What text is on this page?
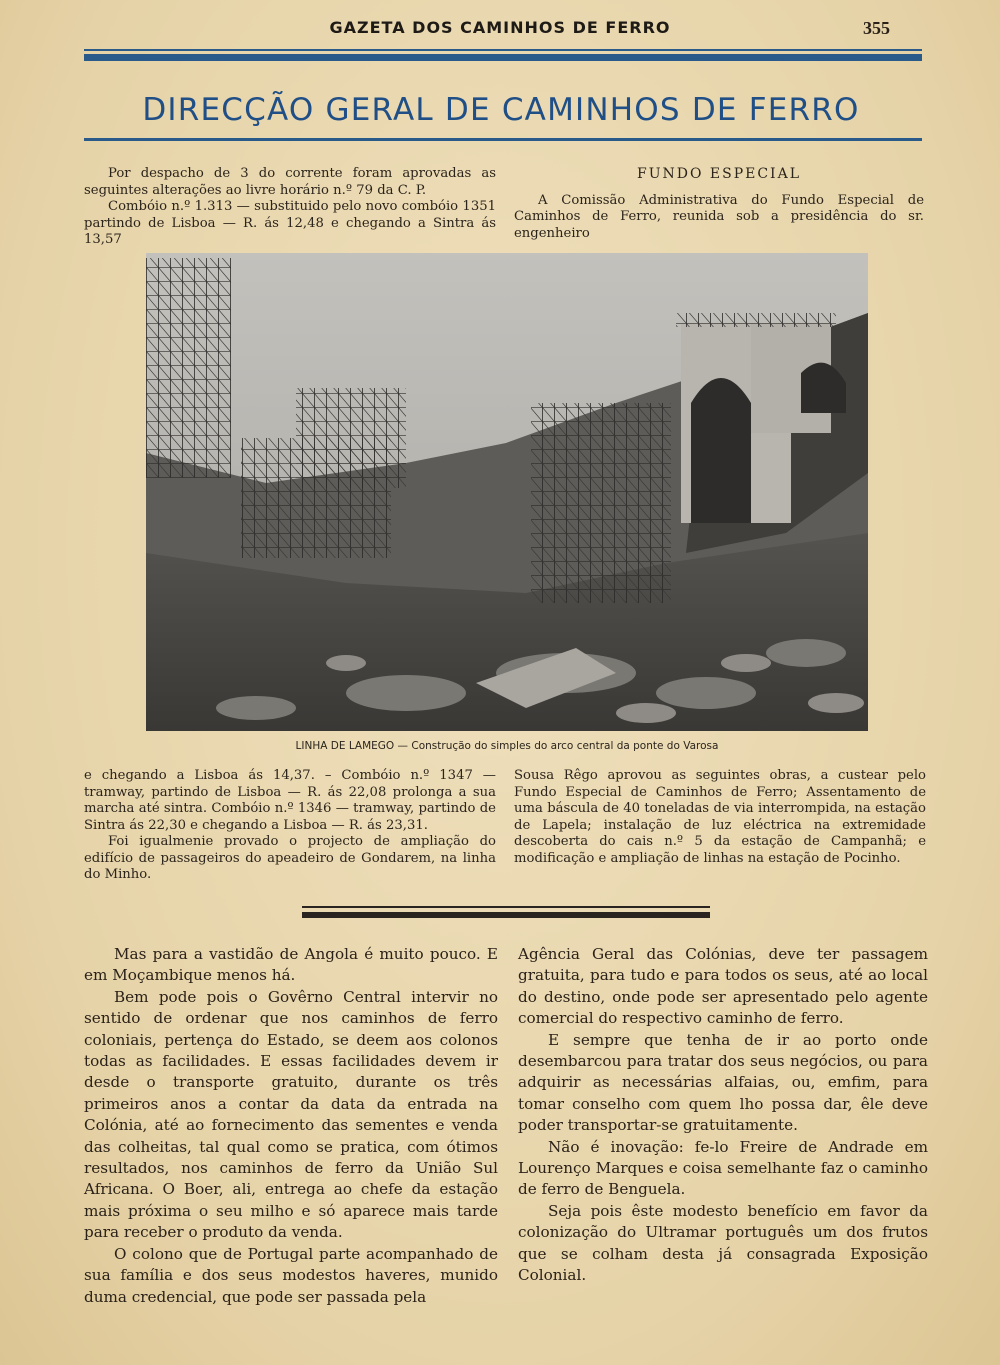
GAZETA DOS CAMINHOS DE FERRO	355
DIRECÇÃO GERAL DE CAMINHOS DE FERRO

Por despacho de 3 do corrente foram aprovadas as seguintes alterações ao livre horário n.º 79 da C. P.

Combóio n.º 1.313 — substituido pelo novo combóio 1351 partindo de Lisboa — R. ás 12,48 e chegando a Sintra ás 13,57

FUNDO ESPECIAL

A Comissão Administrativa do Fundo Especial de Caminhos de Ferro, reunida sob a presidência do sr. engenheiro

LINHA DE LAMEGO — Construção do simples do arco central da ponte do Varosa

e chegando a Lisboa ás 14,37. – Combóio n.º 1347 — tramway, partindo de Lisboa — R. ás 22,08 prolonga a sua marcha até sintra. Combóio n.º 1346 — tramway, partindo de Sintra ás 22,30 e chegando a Lisboa — R. ás 23,31.

Foi igualmenie provado o projecto de ampliação do edifício de passageiros do apeadeiro de Gondarem, na linha do Minho.

Sousa Rêgo aprovou as seguintes obras, a custear pelo Fundo Especial de Caminhos de Ferro; Assentamento de uma báscula de 40 toneladas de via interrompida, na estação de Lapela; instalação de luz eléctrica na extremidade descoberta do cais n.º 5 da estação de Campanhã; e modificação e ampliação de linhas na estação de Pocinho.

Mas para a vastidão de Angola é muito pouco. E em Moçambique menos há.

Bem pode pois o Govêrno Central intervir no sentido de ordenar que nos caminhos de ferro coloniais, pertença do Estado, se deem aos colonos todas as facilidades. E essas facilidades devem ir desde o transporte gratuito, durante os três primeiros anos a contar da data da entrada na Colónia, até ao fornecimento das sementes e venda das colheitas, tal qual como se pratica, com ótimos resultados, nos caminhos de ferro da União Sul Africana. O Boer, ali, entrega ao chefe da estação mais próxima o seu milho e só aparece mais tarde para receber o produto da venda.

O colono que de Portugal parte acompanhado de sua família e dos seus modestos haveres, munido duma credencial, que pode ser passada pela

Agência Geral das Colónias, deve ter passagem gratuita, para tudo e para todos os seus, até ao local do destino, onde pode ser apresentado pelo agente comercial do respectivo caminho de ferro.

E sempre que tenha de ir ao porto onde desembarcou para tratar dos seus negócios, ou para adquirir as necessárias alfaias, ou, emfim, para tomar conselho com quem lho possa dar, êle deve poder transportar-se gratuitamente.

Não é inovação: fe-lo Freire de Andrade em Lourenço Marques e coisa semelhante faz o caminho de ferro de Benguela.

Seja pois êste modesto benefício em favor da colonização do Ultramar português um dos frutos que se colham desta já consagrada Exposição Colonial.
